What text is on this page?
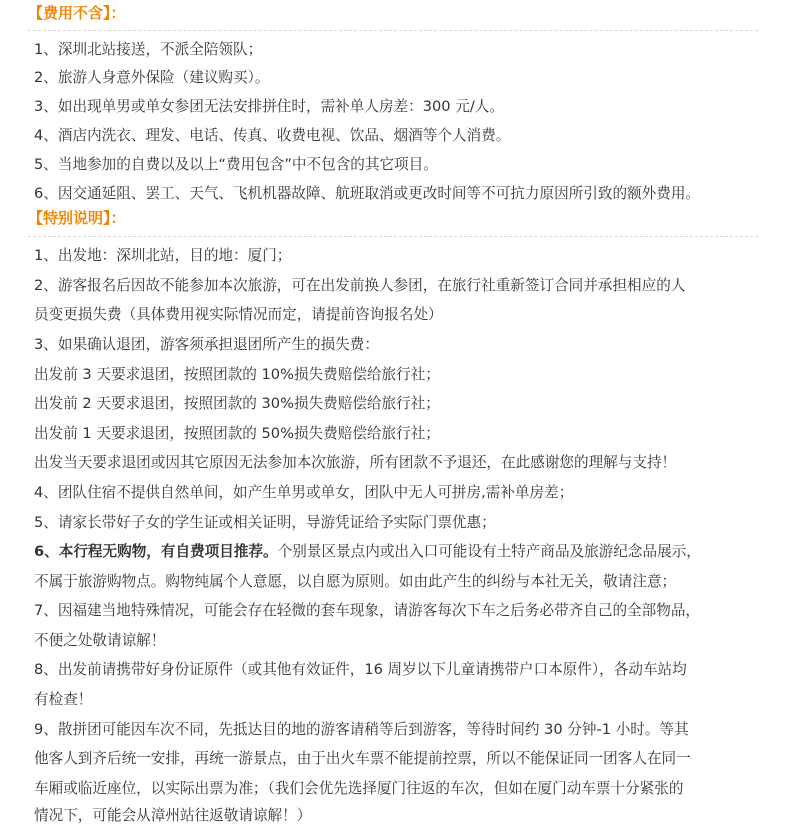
【费用不含】：
1、深圳北站接送，不派全陪领队；
2、旅游人身意外保险（建议购买）。
3、如出现单男或单女参团无法安排拼住时，需补单人房差：300 元/人。
4、酒店内洗衣、理发、电话、传真、收费电视、饮品、烟酒等个人消费。
5、当地参加的自费以及以上“费用包含”中不包含的其它项目。
6、因交通延阻、罢工、天气、飞机机器故障、航班取消或更改时间等不可抗力原因所引致的额外费用。
【特别说明】：
1、出发地：深圳北站，目的地：厦门；
2、游客报名后因故不能参加本次旅游，可在出发前换人参团，在旅行社重新签订合同并承担相应的人
员变更损失费（具体费用视实际情况而定，请提前咨询报名处）
3、如果确认退团，游客须承担退团所产生的损失费：
出发前 3 天要求退团，按照团款的 10%损失费赔偿给旅行社；
出发前 2 天要求退团，按照团款的 30%损失费赔偿给旅行社；
出发前 1 天要求退团，按照团款的 50%损失费赔偿给旅行社；
出发当天要求退团或因其它原因无法参加本次旅游，所有团款不予退还，在此感谢您的理解与支持！
4、团队住宿不提供自然单间，如产生单男或单女，团队中无人可拼房,需补单房差；
5、请家长带好子女的学生证或相关证明，导游凭证给予实际门票优惠；
6、本行程无购物，有自费项目推荐。个别景区景点内或出入口可能设有土特产商品及旅游纪念品展示，
不属于旅游购物点。购物纯属个人意愿，以自愿为原则。如由此产生的纠纷与本社无关，敬请注意；
7、因福建当地特殊情况，可能会存在轻微的套车现象，请游客每次下车之后务必带齐自己的全部物品，
不便之处敬请谅解！
8、出发前请携带好身份证原件（或其他有效证件，16 周岁以下儿童请携带户口本原件），各动车站均
有检查！
9、散拼团可能因车次不同，先抵达目的地的游客请稍等后到游客，等待时间约 30 分钟-1 小时。等其
他客人到齐后统一安排，再统一游景点，由于出火车票不能提前控票，所以不能保证同一团客人在同一
车厢或临近座位，以实际出票为准；（我们会优先选择厦门往返的车次，但如在厦门动车票十分紧张的
情况下，可能会从漳州站往返敬请谅解！）
